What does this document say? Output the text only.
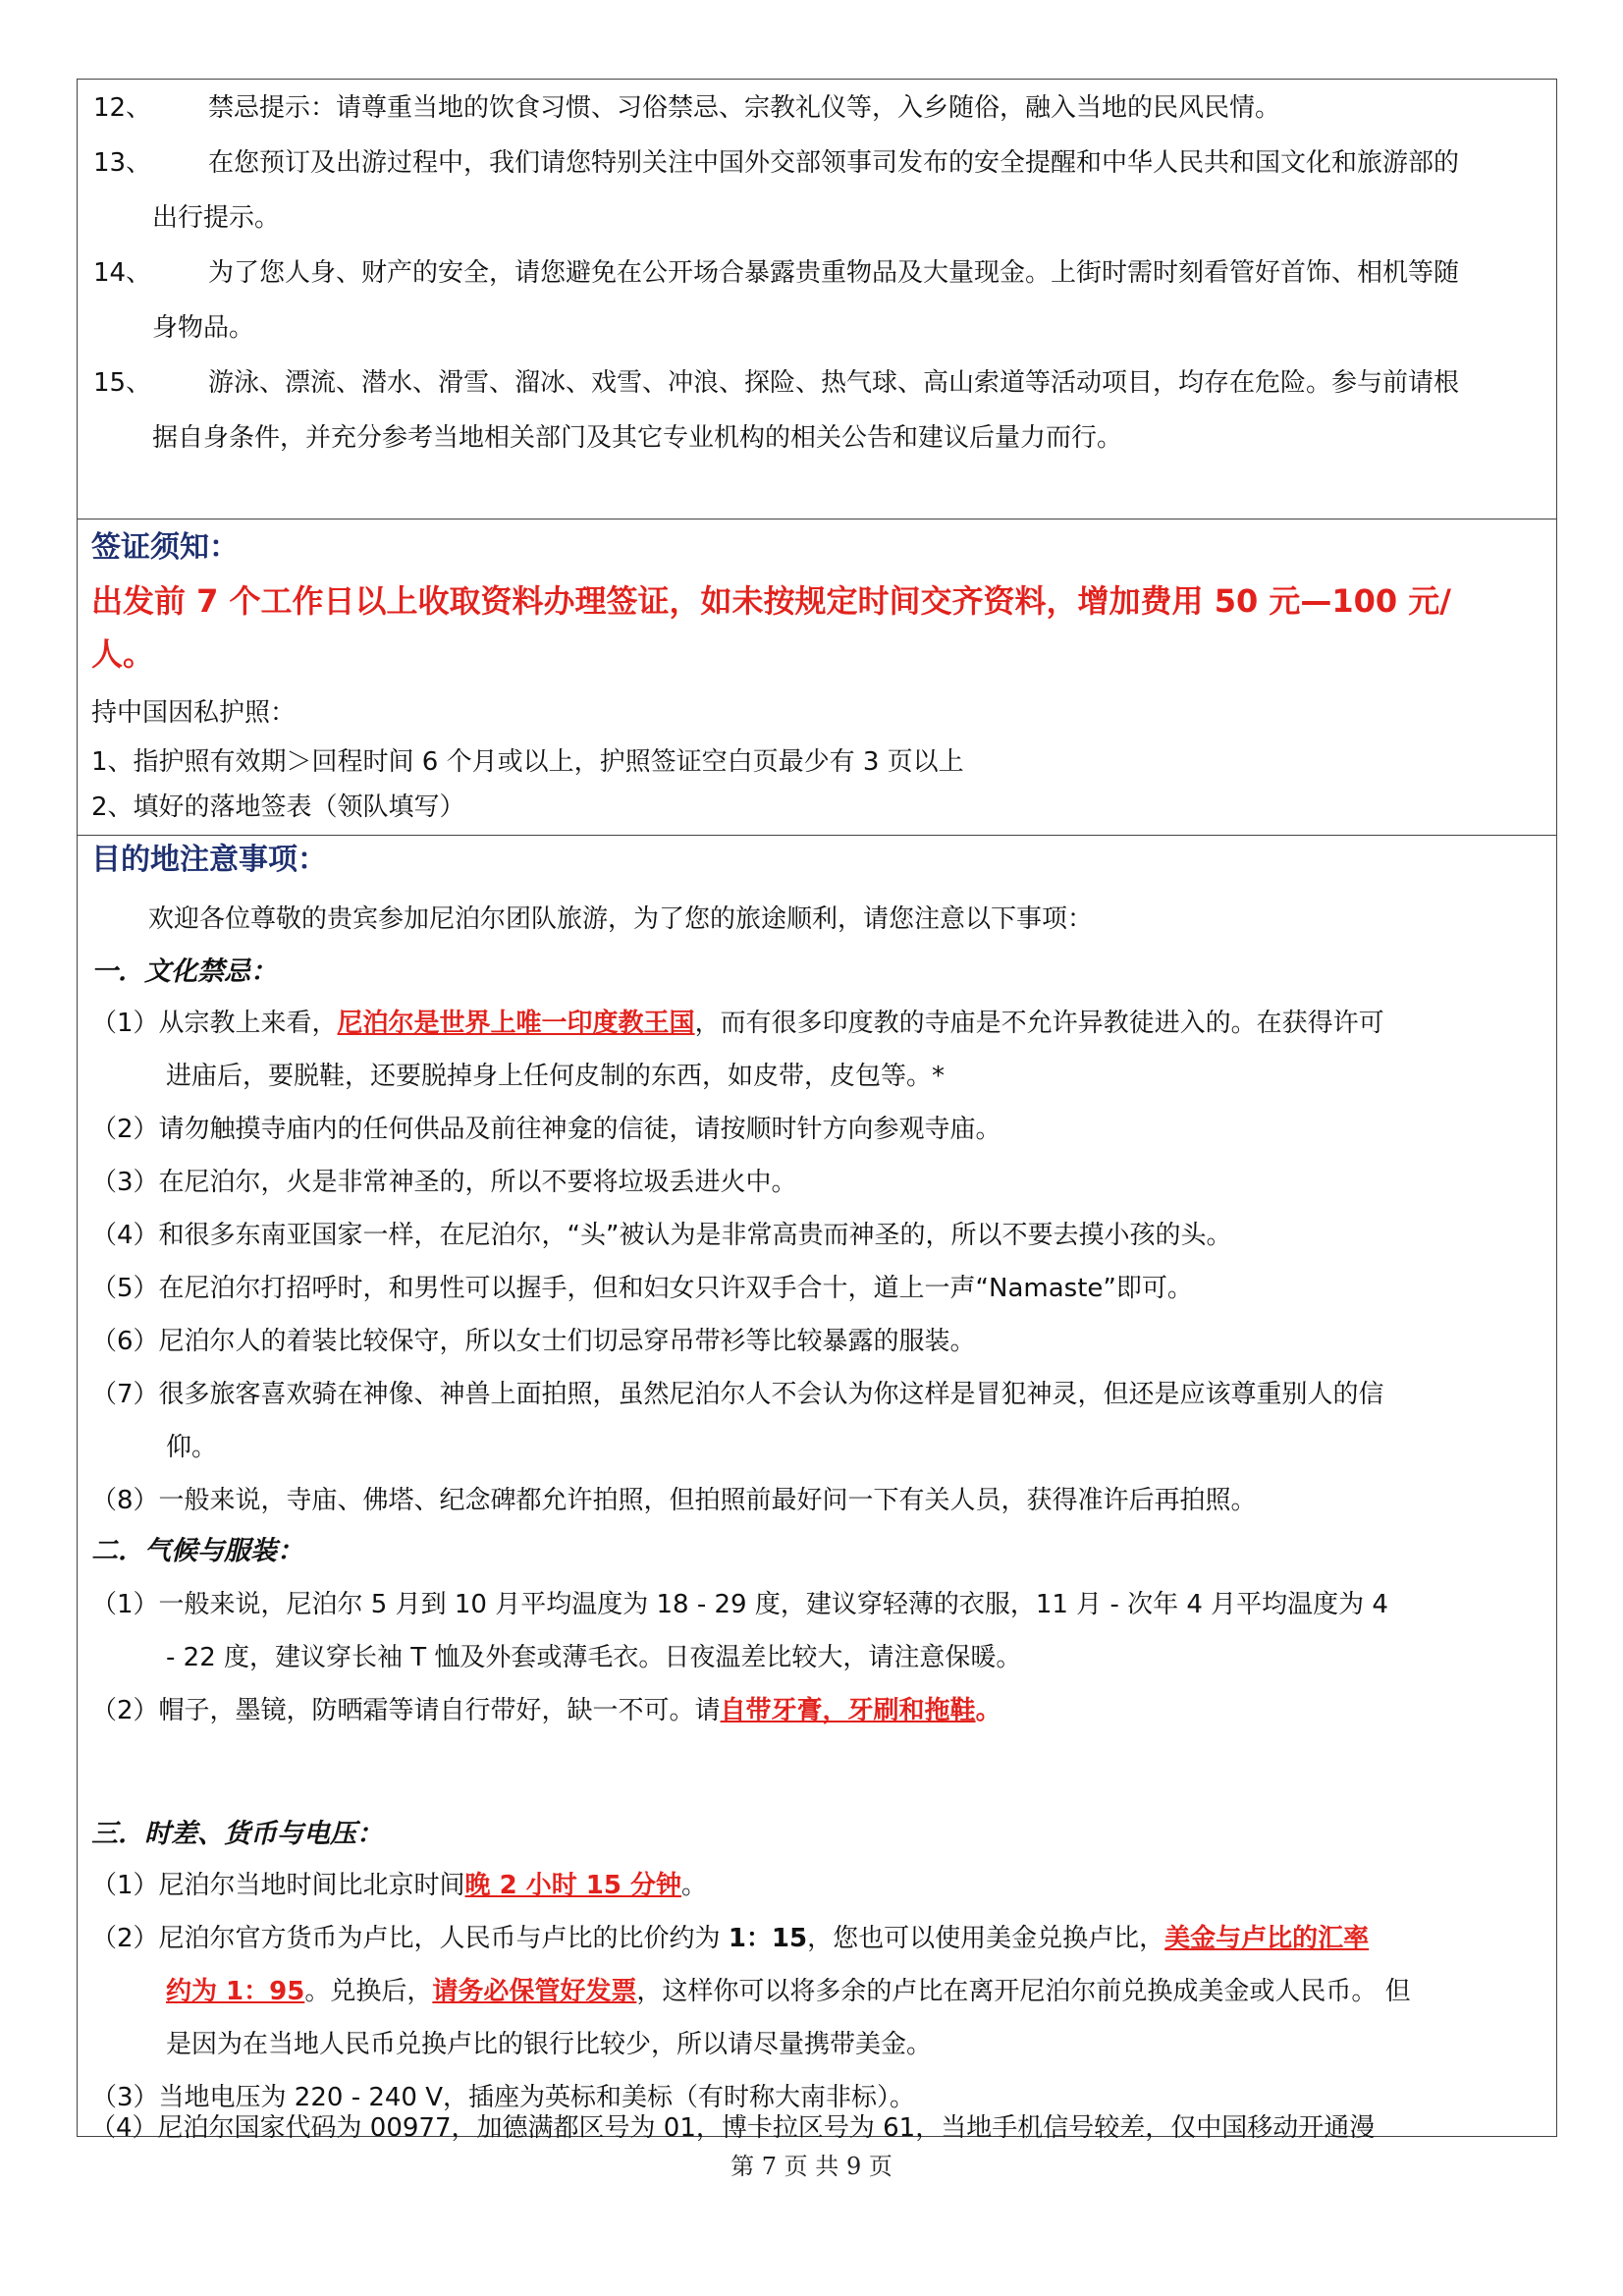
12、 禁忌提示：请尊重当地的饮食习惯、习俗禁忌、宗教礼仪等，入乡随俗，融入当地的民风民情。
13、 在您预订及出游过程中，我们请您特别关注中国外交部领事司发布的安全提醒和中华人民共和国文化和旅游部的
出行提示。
14、 为了您人身、财产的安全，请您避免在公开场合暴露贵重物品及大量现金。上街时需时刻看管好首饰、相机等随
身物品。
15、 游泳、漂流、潜水、滑雪、溜冰、戏雪、冲浪、探险、热气球、高山索道等活动项目，均存在危险。参与前请根
据自身条件，并充分参考当地相关部门及其它专业机构的相关公告和建议后量力而行。
签证须知：
出发前 7 个工作日以上收取资料办理签证，如未按规定时间交齐资料，增加费用 50 元—100 元/
人。
持中国因私护照：
1、指护照有效期＞回程时间 6 个月或以上，护照签证空白页最少有 3 页以上
2、填好的落地签表（领队填写）
目的地注意事项：
欢迎各位尊敬的贵宾参加尼泊尔团队旅游，为了您的旅途顺利，请您注意以下事项：
一．文化禁忌：
（1）从宗教上来看，尼泊尔是世界上唯一印度教王国，而有很多印度教的寺庙是不允许异教徒进入的。在获得许可
进庙后，要脱鞋，还要脱掉身上任何皮制的东西，如皮带，皮包等。*
（2）请勿触摸寺庙内的任何供品及前往神龛的信徒，请按顺时针方向参观寺庙。
（3）在尼泊尔，火是非常神圣的，所以不要将垃圾丢进火中。
（4）和很多东南亚国家一样，在尼泊尔，“头”被认为是非常高贵而神圣的，所以不要去摸小孩的头。
（5）在尼泊尔打招呼时，和男性可以握手，但和妇女只许双手合十，道上一声“Namaste”即可。
（6）尼泊尔人的着装比较保守，所以女士们切忌穿吊带衫等比较暴露的服装。
（7）很多旅客喜欢骑在神像、神兽上面拍照，虽然尼泊尔人不会认为你这样是冒犯神灵，但还是应该尊重别人的信
仰。
（8）一般来说，寺庙、佛塔、纪念碑都允许拍照，但拍照前最好问一下有关人员，获得准许后再拍照。
二．气候与服装：
（1）一般来说，尼泊尔 5 月到 10 月平均温度为 18 - 29 度，建议穿轻薄的衣服，11 月 - 次年 4 月平均温度为 4
- 22 度，建议穿长袖 T 恤及外套或薄毛衣。日夜温差比较大，请注意保暖。
（2）帽子，墨镜，防晒霜等请自行带好，缺一不可。请自带牙膏，牙刷和拖鞋。
三．时差、货币与电压：
（1）尼泊尔当地时间比北京时间晚 2 小时 15 分钟。
（2）尼泊尔官方货币为卢比，人民币与卢比的比价约为 1：15，您也可以使用美金兑换卢比，美金与卢比的汇率
约为 1：95。兑换后，请务必保管好发票，这样你可以将多余的卢比在离开尼泊尔前兑换成美金或人民币。 但
是因为在当地人民币兑换卢比的银行比较少，所以请尽量携带美金。
（3）当地电压为 220 - 240 V，插座为英标和美标（有时称大南非标）。
（4）尼泊尔国家代码为 00977，加德满都区号为 01，博卡拉区号为 61，当地手机信号较差，仅中国移动开通漫
第 7 页 共 9 页
